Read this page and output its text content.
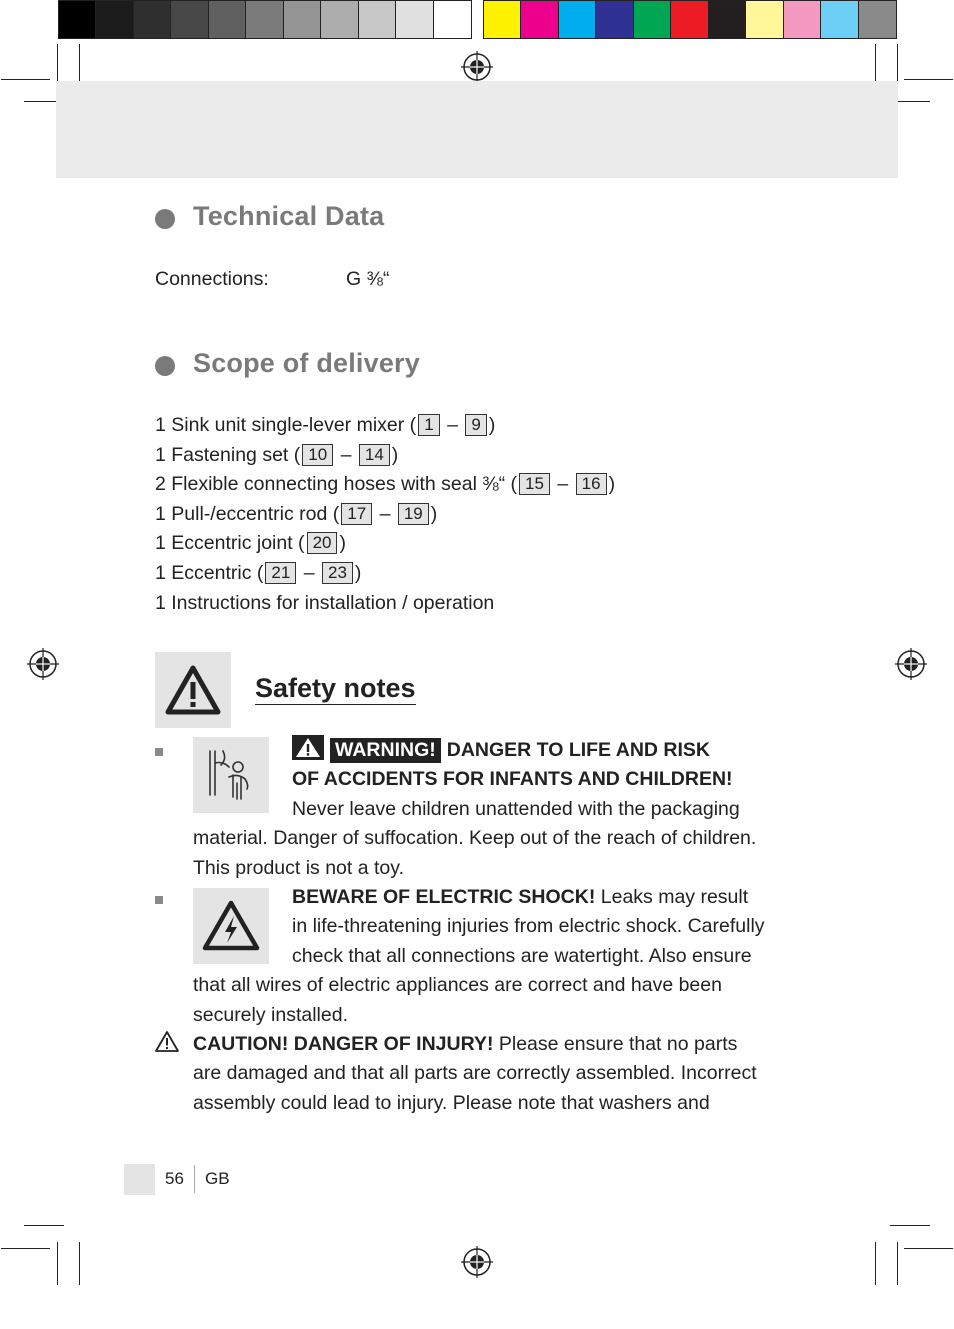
Technical Data
Connections:	G ⅜“
Scope of delivery
1 Sink unit single-lever mixer ( 1 – 9 )
1 Fastening set ( 10 – 14 )
2 Flexible connecting hoses with seal ⅜“ ( 15 – 16 )
1 Pull-/eccentric rod ( 17 – 19 )
1 Eccentric joint ( 20 )
1 Eccentric ( 21 – 23 )
1 Instructions for installation / operation
Safety notes
WARNING! DANGER TO LIFE AND RISK
OF ACCIDENTS FOR INFANTS AND CHILDREN!
Never leave children unattended with the packaging
material. Danger of suffocation. Keep out of the reach of children.
This product is not a toy.
BEWARE OF ELECTRIC SHOCK! Leaks may result
in life-threatening injuries from electric shock. Carefully
check that all connections are watertight. Also ensure
that all wires of electric appliances are correct and have been
securely installed.
CAUTION! DANGER OF INJURY! Please ensure that no parts
are damaged and that all parts are correctly assembled. Incorrect
assembly could lead to injury. Please note that washers and
56 GB
